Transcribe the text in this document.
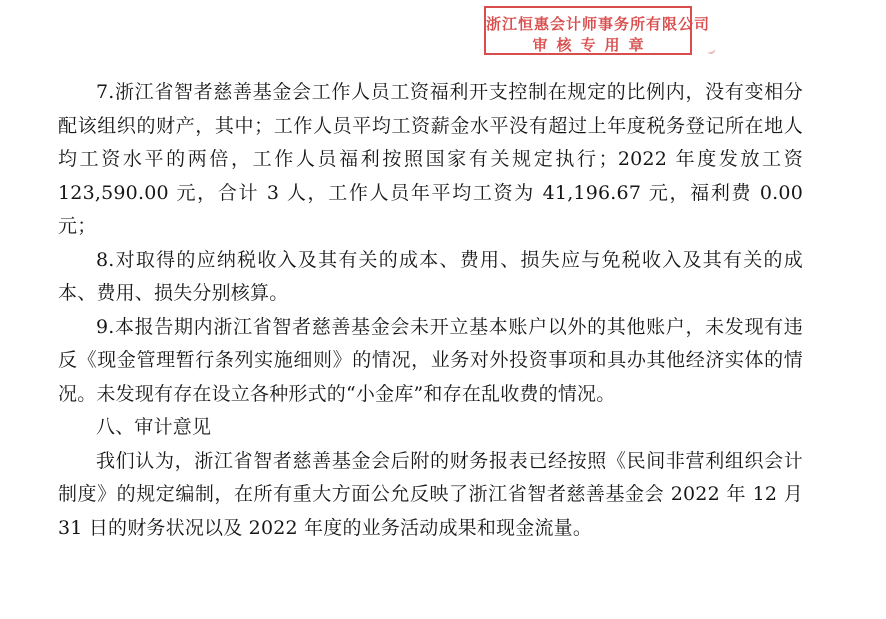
浙江恒惠会计师事务所有限公司
审核专用章

7.浙江省智者慈善基金会工作人员工资福利开支控制在规定的比例内，没有变相分配该组织的财产，其中；工作人员平均工资薪金水平没有超过上年度税务登记所在地人均工资水平的两倍，工作人员福利按照国家有关规定执行；2022 年度发放工资 123,590.00 元，合计 3 人，工作人员年平均工资为 41,196.67 元，福利费 0.00 元；

8.对取得的应纳税收入及其有关的成本、费用、损失应与免税收入及其有关的成本、费用、损失分别核算。

9.本报告期内浙江省智者慈善基金会未开立基本账户以外的其他账户，未发现有违反《现金管理暂行条列实施细则》的情况，业务对外投资事项和具办其他经济实体的情况。未发现有存在设立各种形式的“小金库”和存在乱收费的情况。

八、审计意见

我们认为，浙江省智者慈善基金会后附的财务报表已经按照《民间非营利组织会计制度》的规定编制，在所有重大方面公允反映了浙江省智者慈善基金会 2022 年 12 月 31 日的财务状况以及 2022 年度的业务活动成果和现金流量。
